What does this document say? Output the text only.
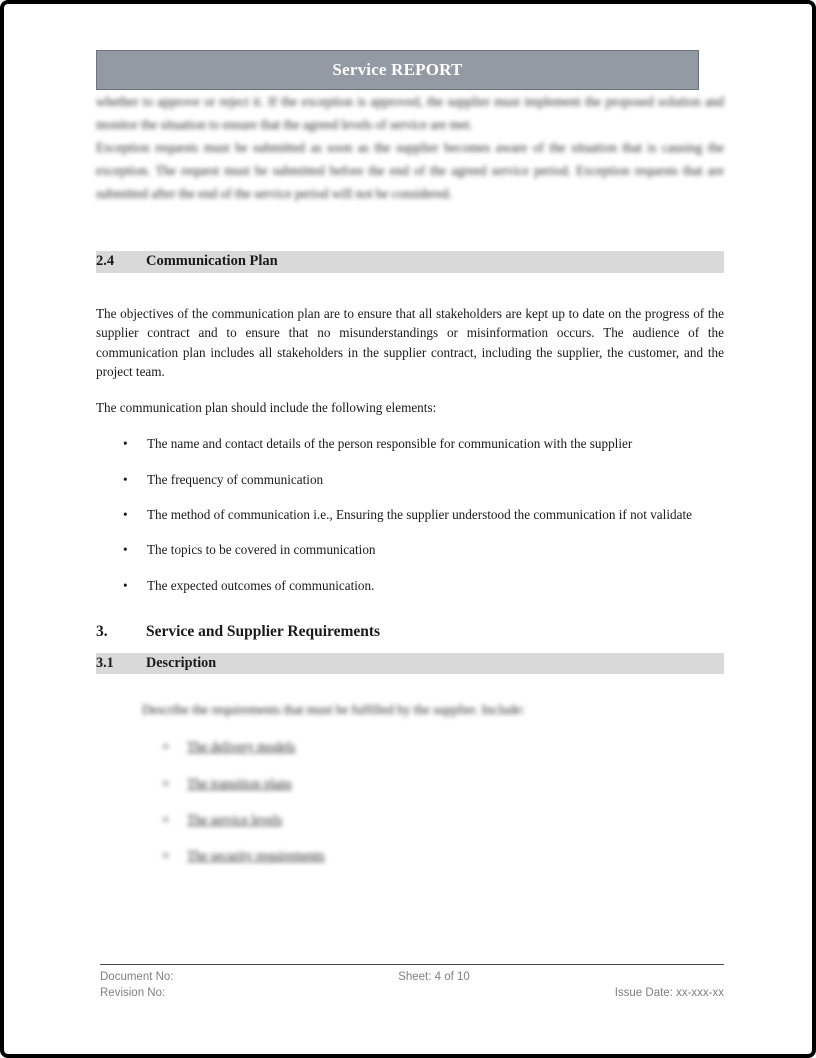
Service REPORT

whether to approve or reject it. If the exception is approved, the supplier must implement the proposed solution and monitor the situation to ensure that the agreed levels of service are met.

Exception requests must be submitted as soon as the supplier becomes aware of the situation that is causing the exception. The request must be submitted before the end of the agreed service period. Exception requests that are submitted after the end of the service period will not be considered.

2.4	Communication Plan

The objectives of the communication plan are to ensure that all stakeholders are kept up to date on the progress of the supplier contract and to ensure that no misunderstandings or misinformation occurs. The audience of the communication plan includes all stakeholders in the supplier contract, including the supplier, the customer, and the project team.

The communication plan should include the following elements:

• The name and contact details of the person responsible for communication with the supplier
• The frequency of communication
• The method of communication i.e., Ensuring the supplier understood the communication if not validate
• The topics to be covered in communication
• The expected outcomes of communication.
3.	Service and Supplier Requirements
3.1	Description

Describe the requirements that must be fulfilled by the supplier. Include:

o The delivery models
o The transition plans
o The service levels
o The security requirements
Document No:	Sheet: 4 of 10
Revision No:	Issue Date: xx-xxx-xx
